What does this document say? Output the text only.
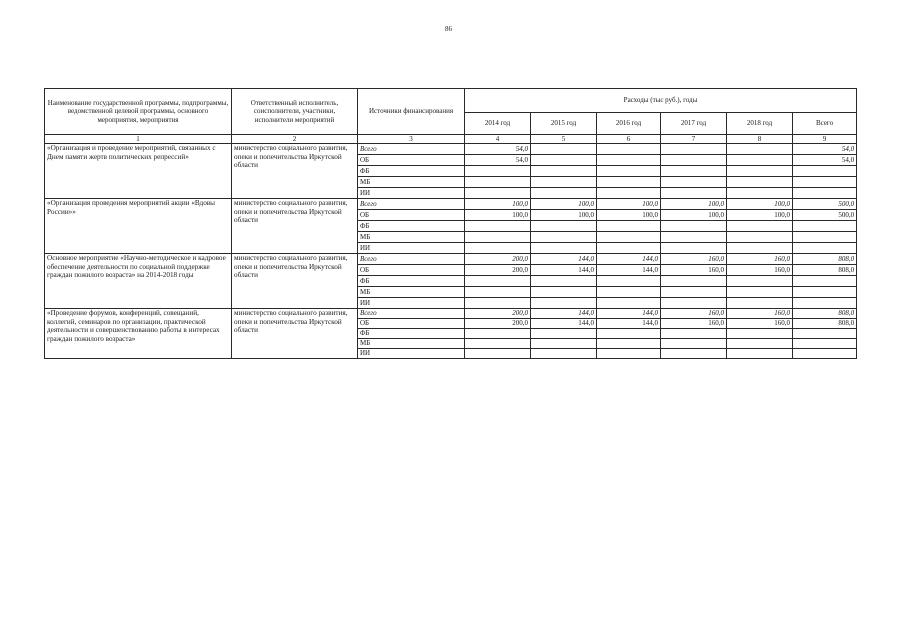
86
Наименование государственной программы, подпрограммы, ведомственной целевой программы, основного мероприятия, мероприятия	Ответственный исполнитель, соисполнители, участники, исполнители мероприятий	Источники финансирования	Расходы (тыс руб.), годы					
			2014 год	2015 год	2016 год	2017 год	2018 год	Всего
1	2	3	4	5	6	7	8	9
«Организация и проведение мероприятий, связанных с Днем памяти жертв политических репрессий»	министерство социального развития, опеки и попечительства Иркутской области	Всего	54,0					54,0
		ОБ	54,0					54,0
		ФБ						
		МБ						
		ИИ						
«Организация проведения мероприятий акции «Вдовы России»»	министерство социального развития, опеки и попечительства Иркутской области	Всего	100,0	100,0	100,0	100,0	100,0	500,0
		ОБ	100,0	100,0	100,0	100,0	100,0	500,0
		ФБ						
		МБ						
		ИИ						
Основное мероприятие «Научно-методическое и кадровое обеспечение деятельности по социальной поддержке граждан пожилого возраста» на 2014-2018 годы	министерство социального развития, опеки и попечительства Иркутской области	Всего	200,0	144,0	144,0	160,0	160,0	808,0
		ОБ	200,0	144,0	144,0	160,0	160,0	808,0
		ФБ						
		МБ						
		ИИ						
«Проведение форумов, конференций, совещаний, коллегий, семинаров по организации, практической деятельности и совершенствованию работы в интересах граждан пожилого возраста»	министерство социального развития, опеки и попечительства Иркутской области	Всего	200,0	144,0	144,0	160,0	160,0	808,0
		ОБ	200,0	144,0	144,0	160,0	160,0	808,0
		ФБ						
		МБ						
		ИИ						
